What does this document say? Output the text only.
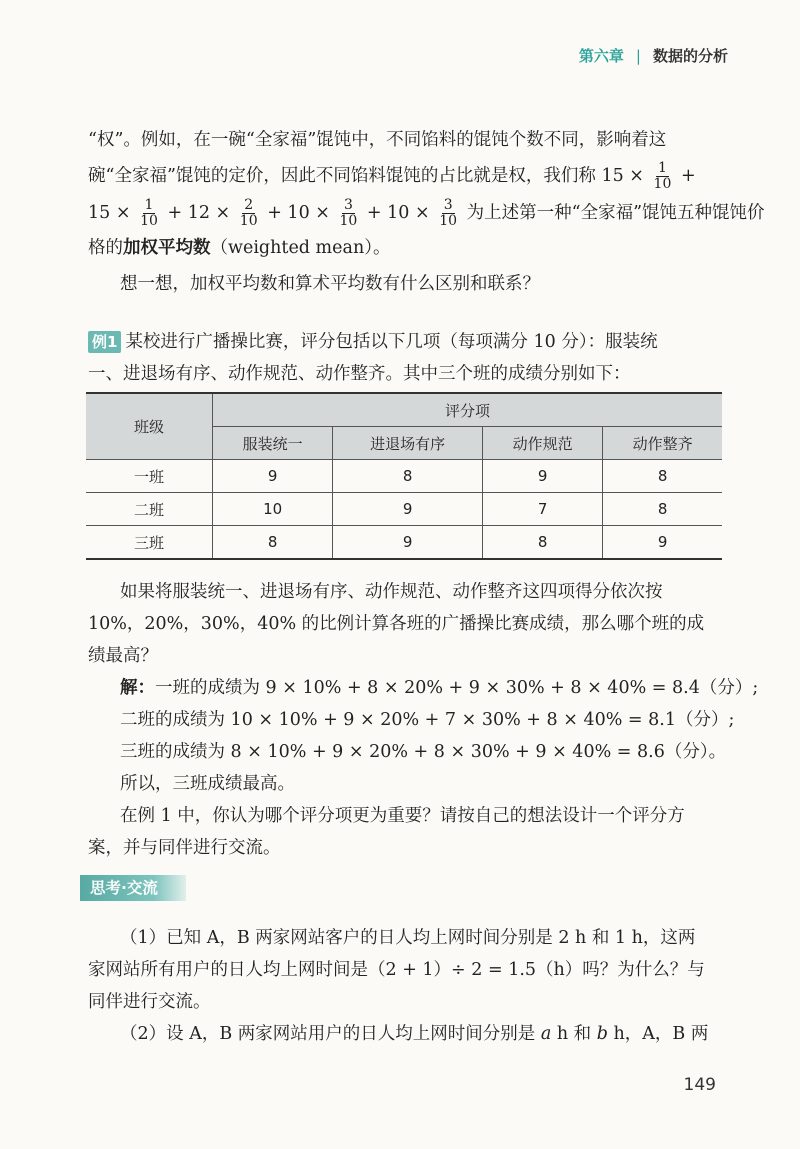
第六章 | 数据的分析

“权”。例如，在一碗“全家福”馄饨中，不同馅料的馄饨个数不同，影响着这

碗“全家福”馄饨的定价，因此不同馅料馄饨的占比就是权，我们称 $15 \times \frac{1}{10}$ +

$15 \times \frac{1}{10} + 12 \times \frac{2}{10} + 10 \times \frac{3}{10} + 10 \times \frac{3}{10}$ 为上述第一种“全家福”馄饨五种馄饨价

格的加权平均数（weighted mean）。

想一想，加权平均数和算术平均数有什么区别和联系？

例1 某校进行广播操比赛，评分包括以下几项（每项满分 10 分）：服装统

一、进退场有序、动作规范、动作整齐。其中三个班的成绩分别如下：

班级	评分项			
	服装统一	进退场有序	动作规范	动作整齐
一班	9	8	9	8
二班	10	9	7	8
三班	8	9	8	9

如果将服装统一、进退场有序、动作规范、动作整齐这四项得分依次按

10%，20%，30%，40% 的比例计算各班的广播操比赛成绩，那么哪个班的成

绩最高？

解：一班的成绩为 9 × 10% + 8 × 20% + 9 × 30% + 8 × 40% = 8.4（分）;

二班的成绩为 10 × 10% + 9 × 20% + 7 × 30% + 8 × 40% = 8.1（分）;

三班的成绩为 8 × 10% + 9 × 20% + 8 × 30% + 9 × 40% = 8.6（分）。

所以，三班成绩最高。

在例 1 中，你认为哪个评分项更为重要？请按自己的想法设计一个评分方

案，并与同伴进行交流。

思考·交流

（1）已知 A，B 两家网站客户的日人均上网时间分别是 2 h 和 1 h，这两

家网站所有用户的日人均上网时间是（2 + 1）÷ 2 = 1.5（h）吗？为什么？与

同伴进行交流。

（2）设 A，B 两家网站用户的日人均上网时间分别是 a h 和 b h，A，B 两

149
